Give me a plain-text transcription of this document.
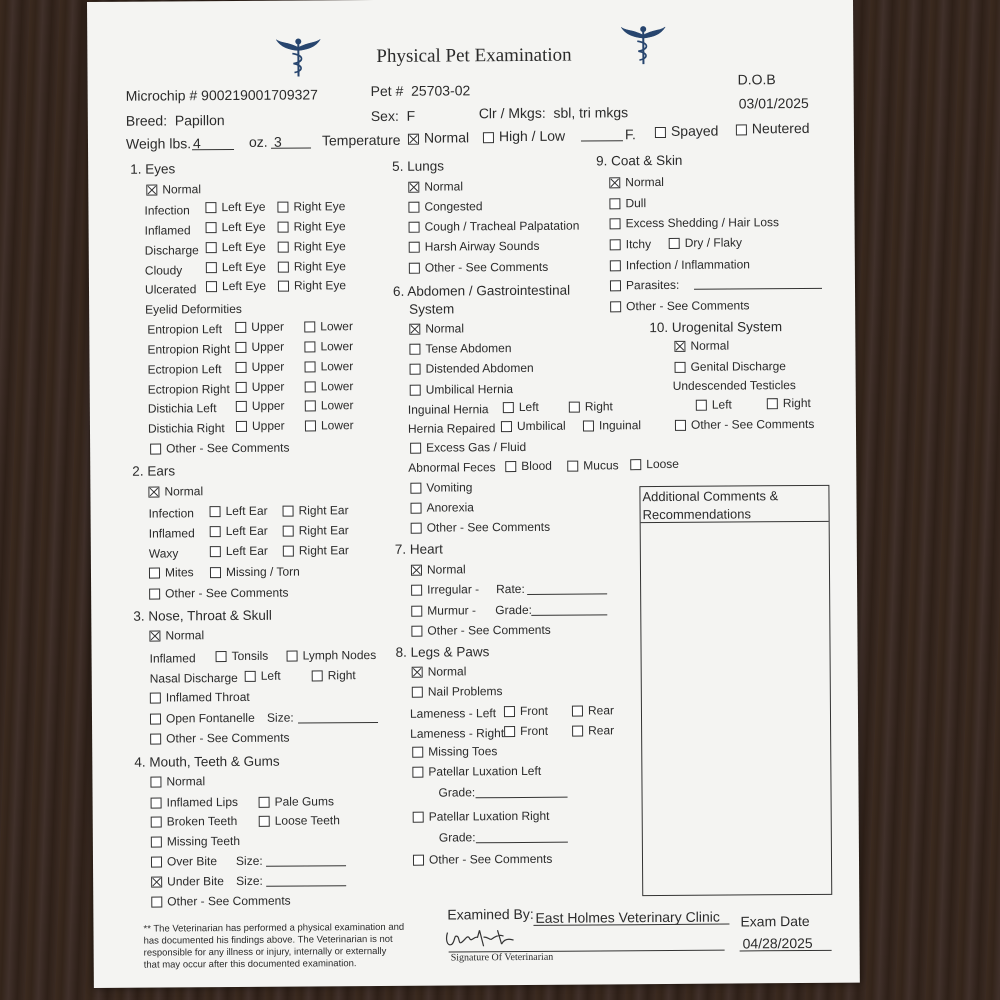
Physical Pet Examination
Microchip # 900219001709327	Pet # 25703-02
D.O.B
03/01/2025
Breed: Papillon	Sex: F	Clr / Mkgs: sbl, tri mkgs
Weigh lbs. 4	oz. 3	Temperature	Normal	High / Low	F.	Spayed	Neutered
1. Eyes
Normal
Infection	Left Eye	Right Eye
Inflamed	Left Eye	Right Eye
Discharge	Left Eye	Right Eye
Cloudy	Left Eye	Right Eye
Ulcerated	Left Eye	Right Eye
Eyelid Deformities
Entropion Left	Upper	Lower
Entropion Right	Upper	Lower
Ectropion Left	Upper	Lower
Ectropion Right	Upper	Lower
Distichia Left	Upper	Lower
Distichia Right	Upper	Lower
Other - See Comments
2. Ears
Normal
Infection	Left Ear	Right Ear
Inflamed	Left Ear	Right Ear
Waxy	Left Ear	Right Ear
Mites	Missing / Torn
Other - See Comments
3. Nose, Throat & Skull
Normal
Inflamed	Tonsils	Lymph Nodes
Nasal Discharge	Left	Right
Inflamed Throat
Open Fontanelle Size:
Other - See Comments
4. Mouth, Teeth & Gums
Normal
Inflamed Lips	Pale Gums
Broken Teeth	Loose Teeth
Missing Teeth
Over Bite Size:
Under Bite Size:
Other - See Comments
5. Lungs
Normal
Congested
Cough / Tracheal Palpatation
Harsh Airway Sounds
Other - See Comments
6. Abdomen / Gastrointestinal
System
Normal
Tense Abdomen
Distended Abdomen
Umbilical Hernia
Inguinal Hernia	Left	Right
Hernia Repaired	Umbilical	Inguinal
Excess Gas / Fluid
Abnormal Feces	Blood	Mucus	Loose
Vomiting
Anorexia
Other - See Comments
7. Heart
Normal
Irregular - Rate:
Murmur - Grade:
Other - See Comments
8. Legs & Paws
Normal
Nail Problems
Lameness - Left	Front	Rear
Lameness - Right	Front	Rear
Missing Toes
Patellar Luxation Left
Grade:
Patellar Luxation Right
Grade:
Other - See Comments
9. Coat & Skin
Normal
Dull
Excess Shedding / Hair Loss
Itchy	Dry / Flaky
Infection / Inflammation
Parasites:
Other - See Comments
10. Urogenital System
Normal
Genital Discharge
Undescended Testicles
Left	Right
Other - See Comments
Additional Comments &
Recommendations
** The Veterinarian has performed a physical examination and
has documented his findings above. The Veterinarian is not
responsible for any illness or injury, internally or externally
that may occur after this documented examination.
Examined By: East Holmes Veterinary Clinic Exam Date
Signature Of Veterinarian
04/28/2025
